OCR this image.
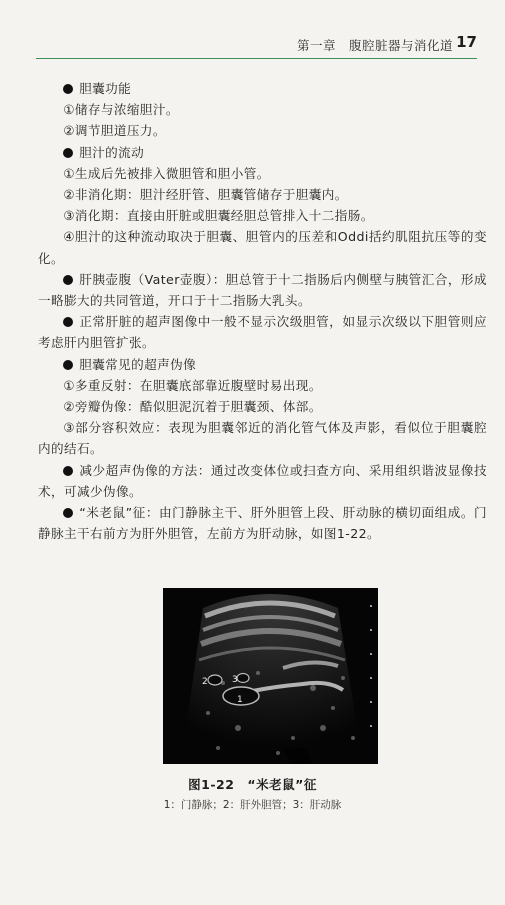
第一章　腹腔脏器与消化道 17

胆囊功能

①储存与浓缩胆汁。

②调节胆道压力。

胆汁的流动

①生成后先被排入微胆管和胆小管。

②非消化期：胆汁经肝管、胆囊管储存于胆囊内。

③消化期：直接由肝脏或胆囊经胆总管排入十二指肠。

④胆汁的这种流动取决于胆囊、胆管内的压差和Oddi括约肌阻抗压等的变化。

肝胰壶腹（Vater壶腹）：胆总管于十二指肠后内侧壁与胰管汇合，形成一略膨大的共同管道，开口于十二指肠大乳头。

正常肝脏的超声图像中一般不显示次级胆管，如显示次级以下胆管则应考虑肝内胆管扩张。

胆囊常见的超声伪像

①多重反射：在胆囊底部靠近腹壁时易出现。

②旁瓣伪像：酷似胆泥沉着于胆囊颈、体部。

③部分容积效应：表现为胆囊邻近的消化管气体及声影，看似位于胆囊腔内的结石。

减少超声伪像的方法：通过改变体位或扫查方向、采用组织谐波显像技术，可减少伪像。

“米老鼠”征：由门静脉主干、肝外胆管上段、肝动脉的横切面组成。门静脉主干右前方为肝外胆管，左前方为肝动脉，如图1-22。

1
2	3
图1-22　“米老鼠”征
1：门静脉；2：肝外胆管；3：肝动脉
